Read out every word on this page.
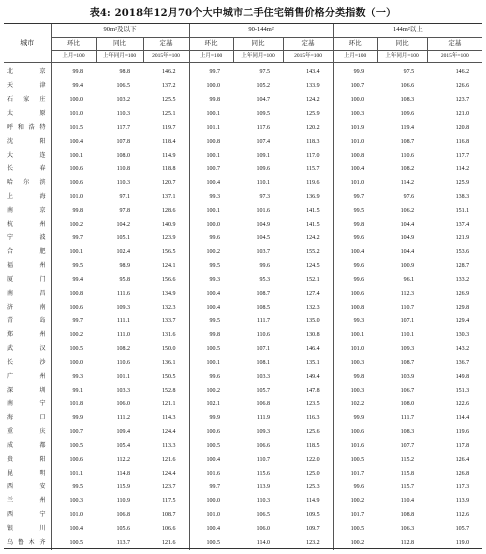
表4: 2018年12月70个大中城市二手住宅销售价格分类指数（一）
城市	90m²及以下			90-144m²			144m²以上		
	环比	同比	定基	环比	同比	定基	环比	同比	定基
	上月=100	上年同月=100	2015年=100	上月=100	上年同月=100	2015年=100	上月=100	上年同月=100	2015年=100
北 京	99.8	98.8	146.2	99.7	97.5	143.4	99.9	97.5	146.2
天 津	99.4	106.5	137.2	100.0	105.2	133.9	100.7	106.6	126.6
石 家 庄	100.0	103.2	125.5	99.8	104.7	124.2	100.0	108.3	123.7
太 原	101.0	110.3	125.1	100.1	109.5	125.9	100.3	109.6	121.0
呼和浩特	101.5	117.7	119.7	101.1	117.6	120.2	101.9	119.4	120.8
沈 阳	100.4	107.8	118.4	100.8	107.4	118.3	101.0	108.7	116.8
大 连	100.1	108.0	114.9	100.1	109.1	117.0	100.8	110.6	117.7
长 春	100.6	110.8	118.8	100.7	109.6	115.7	100.4	108.2	114.2
哈 尔 滨	100.6	110.3	120.7	100.4	110.1	119.6	101.0	114.2	125.9
上 海	101.0	97.1	137.1	99.3	97.3	136.9	99.7	97.6	138.3
南 京	99.8	97.8	128.6	100.1	101.6	141.5	99.5	106.2	151.1
杭 州	100.2	104.2	140.9	100.0	104.9	141.5	99.8	104.4	137.4
宁 波	99.7	105.1	123.9	99.6	104.5	124.2	99.6	104.9	121.9
合 肥	100.1	102.4	156.5	100.2	103.7	155.2	100.4	104.4	153.6
福 州	99.5	98.9	124.1	99.5	99.6	124.5	99.6	100.9	128.7
厦 门	99.4	95.8	156.6	99.3	95.3	152.1	99.6	96.1	133.2
南 昌	100.8	111.6	134.9	100.4	108.7	127.4	100.6	112.3	126.9
济 南	100.6	109.3	132.3	100.4	108.5	132.3	100.8	110.7	129.8
青 岛	99.7	111.1	133.7	99.5	111.7	135.0	99.3	107.1	129.4
郑 州	100.2	111.0	131.6	99.8	110.6	130.8	100.1	110.1	130.3
武 汉	100.5	108.2	150.0	100.5	107.1	146.4	101.0	109.3	143.2
长 沙	100.0	110.6	136.1	100.1	108.1	135.1	100.3	108.7	136.7
广 州	99.3	101.1	150.5	99.6	103.3	149.4	99.8	103.9	149.8
深 圳	99.1	103.3	152.8	100.2	105.7	147.8	100.3	106.7	151.3
南 宁	101.8	106.0	121.1	102.1	106.8	123.5	102.2	108.0	122.6
海 口	99.9	111.2	114.3	99.9	111.9	116.3	99.9	111.7	114.4
重 庆	100.7	109.4	124.4	100.6	109.3	125.6	100.6	108.3	119.6
成 都	100.5	105.4	113.3	100.5	106.6	118.5	101.6	107.7	117.8
贵 阳	100.6	112.2	121.6	100.4	110.7	122.0	100.5	115.2	126.4
昆 明	101.1	114.8	124.4	101.6	115.6	125.0	101.7	115.8	126.8
西 安	99.5	115.9	123.7	99.7	113.9	125.3	99.6	115.7	117.3
兰 州	100.3	110.9	117.5	100.0	110.3	114.9	100.2	110.4	113.9
西 宁	101.0	106.8	108.7	101.0	106.5	109.5	101.7	108.8	112.6
银 川	100.4	105.6	106.6	100.4	106.0	109.7	100.5	106.3	105.7
乌鲁木齐	100.5	113.7	121.6	100.5	114.0	123.2	100.2	112.8	119.0
